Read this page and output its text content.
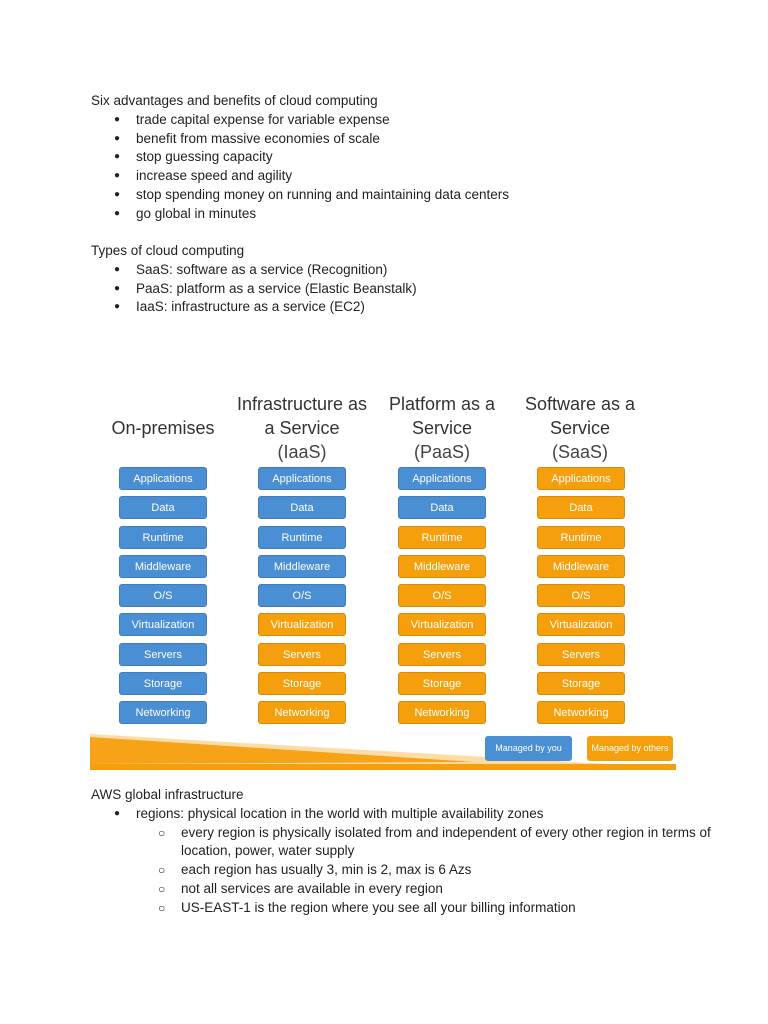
Six advantages and benefits of cloud computing
● trade capital expense for variable expense
● benefit from massive economies of scale
● stop guessing capacity
● increase speed and agility
● stop spending money on running and maintaining data centers
● go global in minutes
Types of cloud computing
● SaaS: software as a service (Recognition)
● PaaS: platform as a service (Elastic Beanstalk)
● IaaS: infrastructure as a service (EC2)
On-premises
Infrastructure as a Service
(IaaS)
Platform as a Service
(PaaS)
Software as a Service
(SaaS)
Applications
Data
Runtime
Middleware
O/S
Virtualization
Servers
Storage
Networking
Applications
Data
Runtime
Middleware
O/S
Virtualization
Servers
Storage
Networking
Applications
Data
Runtime
Middleware
O/S
Virtualization
Servers
Storage
Networking
Applications
Data
Runtime
Middleware
O/S
Virtualization
Servers
Storage
Networking
Managed by you	Managed by others
AWS global infrastructure
● regions: physical location in the world with multiple availability zones
○ every region is physically isolated from and independent of every other region in terms of location, power, water supply
○ each region has usually 3, min is 2, max is 6 Azs
○ not all services are available in every region
○ US-EAST-1 is the region where you see all your billing information
